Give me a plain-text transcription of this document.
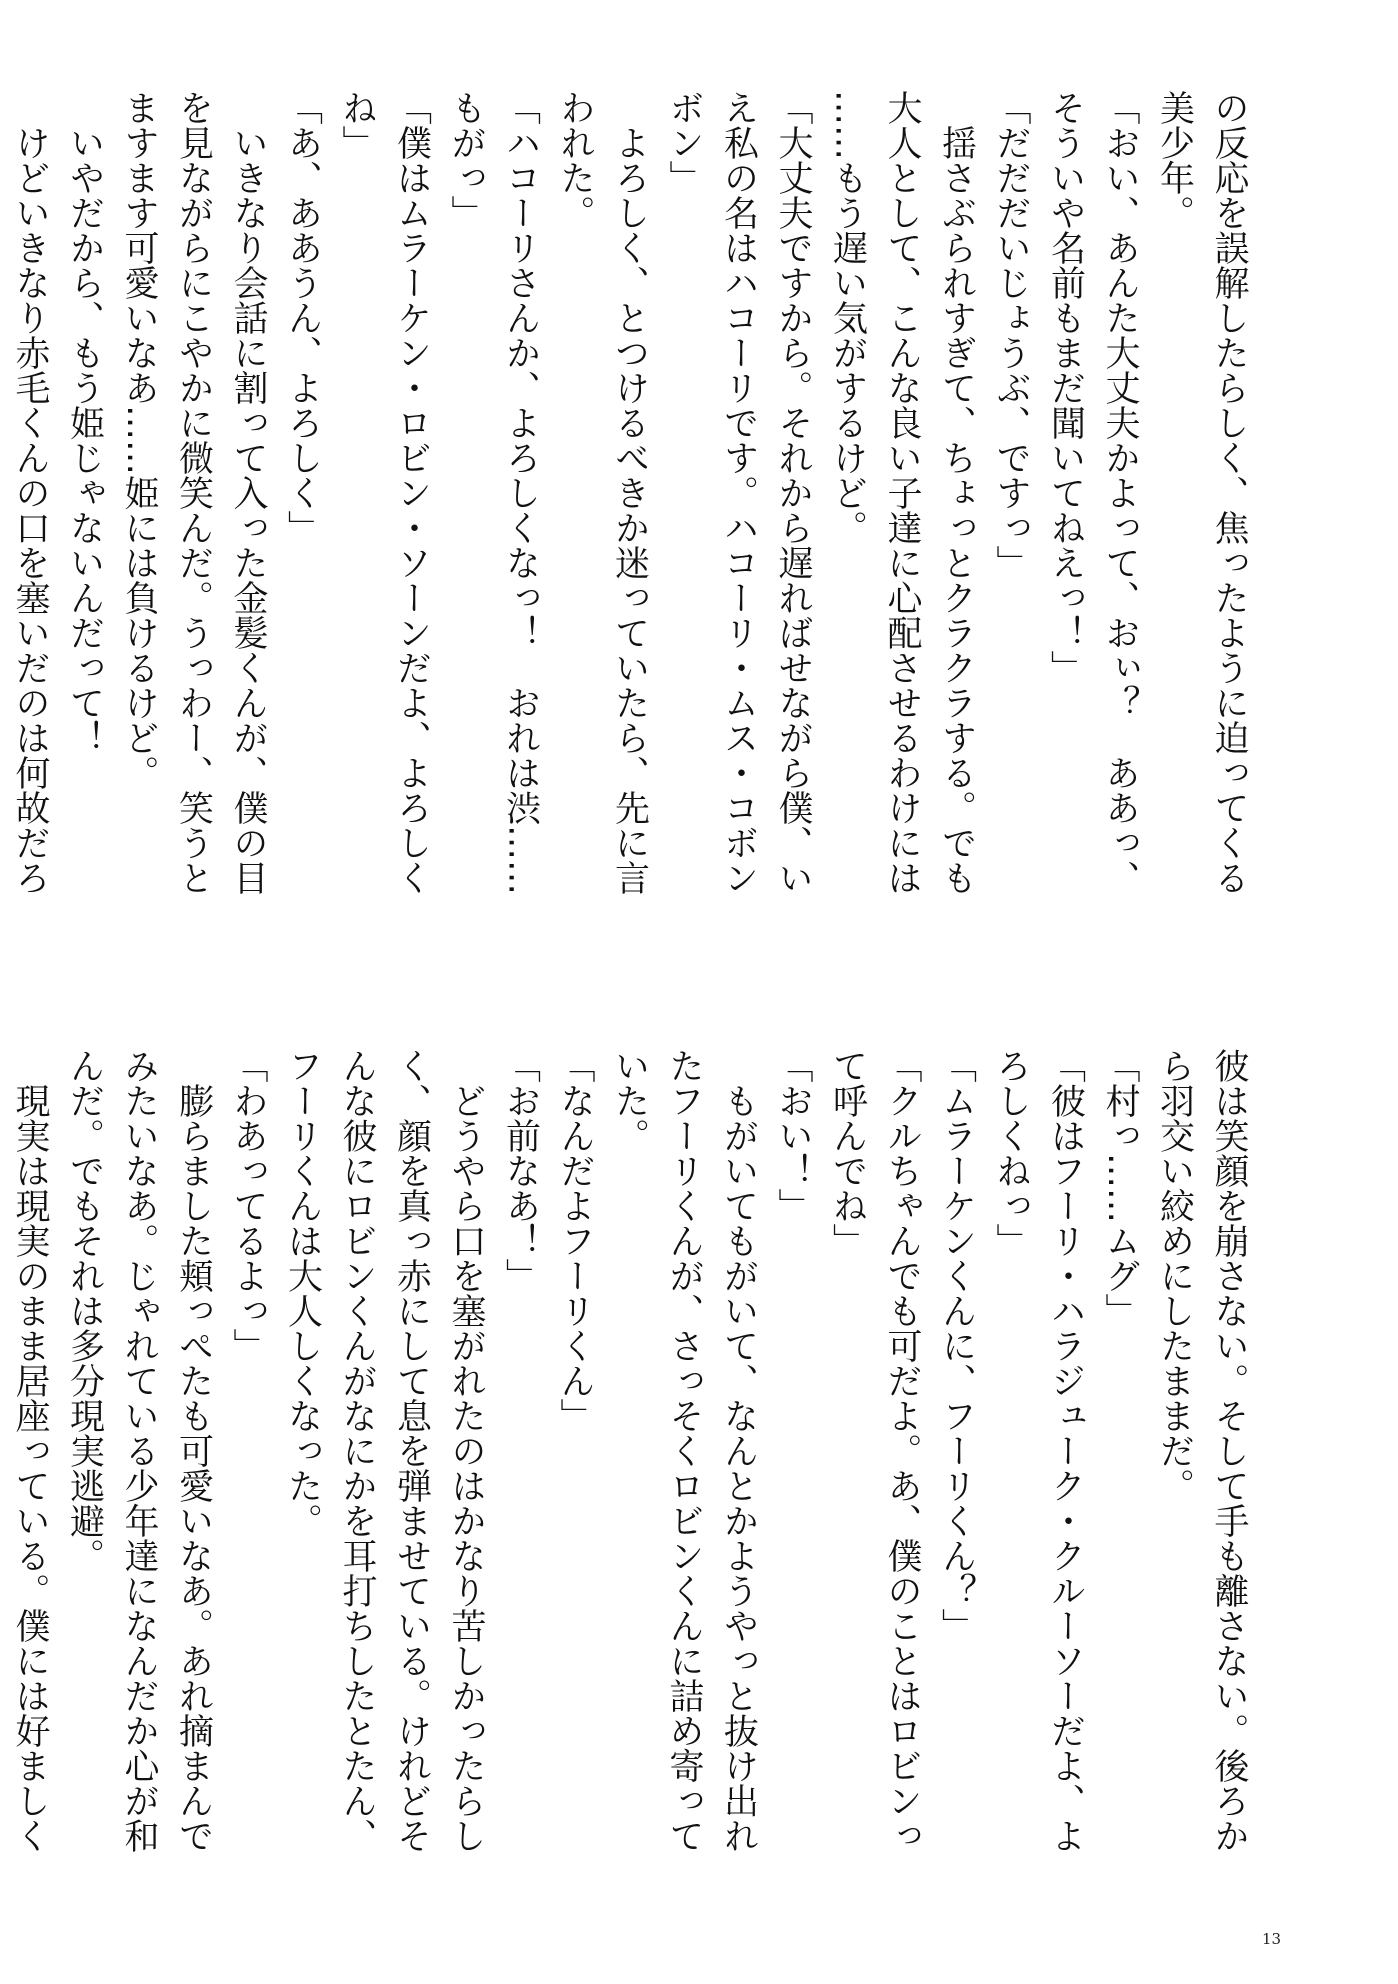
の反応を誤解したらしく、焦ったように迫ってくる
美少年。
「おい、あんた大丈夫かよって、おぃ？　ああっ、
そういや名前もまだ聞いてねえっ！」
「だだだいじょうぶ、ですっ」
　揺さぶられすぎて、ちょっとクラクラする。でも
大人として、こんな良い子達に心配させるわけには
……もう遅い気がするけど。
「大丈夫ですから。それから遅ればせながら僕、い
え私の名はハコーリです。ハコーリ・ムス・コボン
ボン」
　よろしく、とつけるべきか迷っていたら、先に言
われた。
「ハコーリさんか、よろしくなっ！　おれは渋……
もがっ」
「僕はムラーケン・ロビン・ソーンだよ、よろしく
ね」
「あ、ああうん、よろしく」
　いきなり会話に割って入った金髪くんが、僕の目
を見ながらにこやかに微笑んだ。うっわー、笑うと
ますます可愛いなあ……姫には負けるけど。
　いやだから、もう姫じゃないんだって！
　けどいきなり赤毛くんの口を塞いだのは何故だろ
彼は笑顔を崩さない。そして手も離さない。後ろか
ら羽交い絞めにしたままだ。
「村っ……ムグ」
「彼はフーリ・ハラジューク・クルーソーだよ、よ
ろしくねっ」
「ムラーケンくんに、フーリくん？」
「クルちゃんでも可だよ。あ、僕のことはロビンっ
て呼んでね」
「おい！」
　もがいてもがいて、なんとかようやっと抜け出れ
たフーリくんが、さっそくロビンくんに詰め寄って
いた。
「なんだよフーリくん」
「お前なあ！」
　どうやら口を塞がれたのはかなり苦しかったらし
く、顔を真っ赤にして息を弾ませている。けれどそ
んな彼にロビンくんがなにかを耳打ちしたとたん、
フーリくんは大人しくなった。
「わあってるよっ」
　膨らました頬っぺたも可愛いなあ。あれ摘まんで
みたいなあ。じゃれている少年達になんだか心が和
んだ。でもそれは多分現実逃避。
　現実は現実のまま居座っている。僕には好ましく
13
